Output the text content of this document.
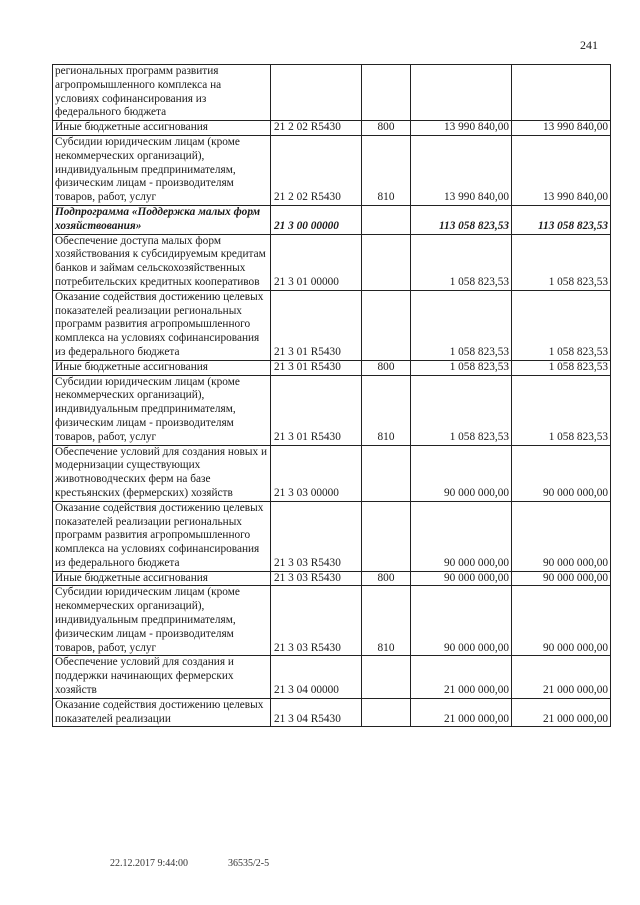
241
региональных программ развития агропромышленного комплекса на условиях софинансирования из федерального бюджета				
Иные бюджетные ассигнования	21 2 02 R5430	800	13 990 840,00	13 990 840,00
Субсидии юридическим лицам (кроме некоммерческих организаций), индивидуальным предпринимателям, физическим лицам - производителям товаров, работ, услуг	21 2 02 R5430	810	13 990 840,00	13 990 840,00
Подпрограмма «Поддержка малых форм хозяйствования»	21 3 00 00000		113 058 823,53	113 058 823,53
Обеспечение доступа малых форм хозяйствования к субсидируемым кредитам банков и займам сельскохозяйственных потребительских кредитных кооперативов	21 3 01 00000		1 058 823,53	1 058 823,53
Оказание содействия достижению целевых показателей реализации региональных программ развития агропромышленного комплекса на условиях софинансирования из федерального бюджета	21 3 01 R5430		1 058 823,53	1 058 823,53
Иные бюджетные ассигнования	21 3 01 R5430	800	1 058 823,53	1 058 823,53
Субсидии юридическим лицам (кроме некоммерческих организаций), индивидуальным предпринимателям, физическим лицам - производителям товаров, работ, услуг	21 3 01 R5430	810	1 058 823,53	1 058 823,53
Обеспечение условий для создания новых и модернизации существующих животноводческих ферм на базе крестьянских (фермерских) хозяйств	21 3 03 00000		90 000 000,00	90 000 000,00
Оказание содействия достижению целевых показателей реализации региональных программ развития агропромышленного комплекса на условиях софинансирования из федерального бюджета	21 3 03 R5430		90 000 000,00	90 000 000,00
Иные бюджетные ассигнования	21 3 03 R5430	800	90 000 000,00	90 000 000,00
Субсидии юридическим лицам (кроме некоммерческих организаций), индивидуальным предпринимателям, физическим лицам - производителям товаров, работ, услуг	21 3 03 R5430	810	90 000 000,00	90 000 000,00
Обеспечение условий для создания и поддержки начинающих фермерских хозяйств	21 3 04 00000		21 000 000,00	21 000 000,00
Оказание содействия достижению целевых показателей реализации	21 3 04 R5430		21 000 000,00	21 000 000,00
22.12.2017 9:44:00	36535/2-5
